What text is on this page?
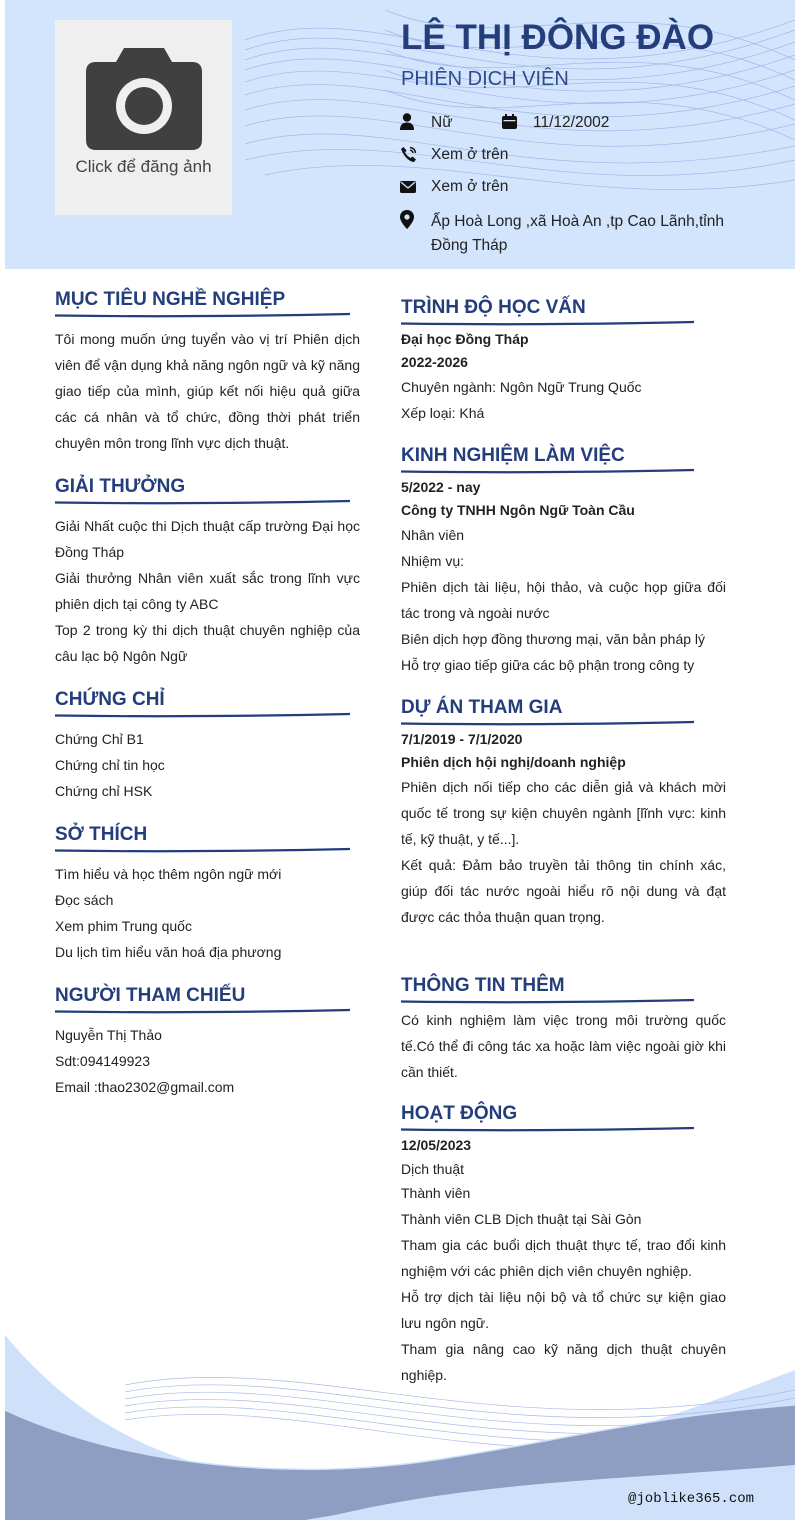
Click để đăng ảnh
LÊ THỊ ĐÔNG ĐÀO
PHIÊN DỊCH VIÊN
Nữ	11/12/2002
Xem ở trên
Xem ở trên
Ấp Hoà Long ,xã Hoà An ,tp Cao Lãnh,tỉnh
Đồng Tháp
MỤC TIÊU NGHỀ NGHIỆP
Tôi mong muốn ứng tuyển vào vị trí Phiên dịch viên để vận dụng khả năng ngôn ngữ và kỹ năng giao tiếp của mình, giúp kết nối hiệu quả giữa các cá nhân và tổ chức, đồng thời phát triển chuyên môn trong lĩnh vực dịch thuật.
GIẢI THƯỞNG

Giải Nhất cuộc thi Dịch thuật cấp trường Đại học Đồng Tháp

Giải thưởng Nhân viên xuất sắc trong lĩnh vực phiên dịch tại công ty ABC

Top 2 trong kỳ thi dịch thuật chuyên nghiệp của câu lạc bộ Ngôn Ngữ

CHỨNG CHỈ

Chứng Chỉ B1

Chứng chỉ tin học

Chứng chỉ HSK

SỞ THÍCH

Tìm hiểu và học thêm ngôn ngữ mới

Đọc sách

Xem phim Trung quốc

Du lịch tìm hiểu văn hoá địa phương

NGƯỜI THAM CHIẾU

Nguyễn Thị Thảo

Sdt:094149923

Email :thao2302@gmail.com

TRÌNH ĐỘ HỌC VẤN

Đại học Đồng Tháp

2022-2026

Chuyên ngành: Ngôn Ngữ Trung Quốc

Xếp loại: Khá

KINH NGHIỆM LÀM VIỆC

5/2022 - nay

Công ty TNHH Ngôn Ngữ Toàn Cầu

Nhân viên

Nhiệm vụ:

Phiên dịch tài liệu, hội thảo, và cuộc họp giữa đối tác trong và ngoài nước

Biên dịch hợp đồng thương mại, văn bản pháp lý

Hỗ trợ giao tiếp giữa các bộ phận trong công ty

DỰ ÁN THAM GIA

7/1/2019 - 7/1/2020

Phiên dịch hội nghị/doanh nghiệp

Phiên dịch nối tiếp cho các diễn giả và khách mời quốc tế trong sự kiện chuyên ngành [lĩnh vực: kinh tế, kỹ thuật, y tế...].

Kết quả: Đảm bảo truyền tải thông tin chính xác, giúp đối tác nước ngoài hiểu rõ nội dung và đạt được các thỏa thuận quan trọng.

THÔNG TIN THÊM
Có kinh nghiệm làm việc trong môi trường quốc tế.Có thể đi công tác xa hoặc làm việc ngoài giờ khi cần thiết.
HOẠT ĐỘNG

12/05/2023

Dịch thuật

Thành viên

Thành viên CLB Dịch thuật tại Sài Gòn

Tham gia các buổi dịch thuật thực tế, trao đổi kinh nghiệm với các phiên dịch viên chuyên nghiệp.

Hỗ trợ dịch tài liệu nội bộ và tổ chức sự kiện giao lưu ngôn ngữ.

Tham gia nâng cao kỹ năng dịch thuật chuyên nghiệp.

@joblike365.com
